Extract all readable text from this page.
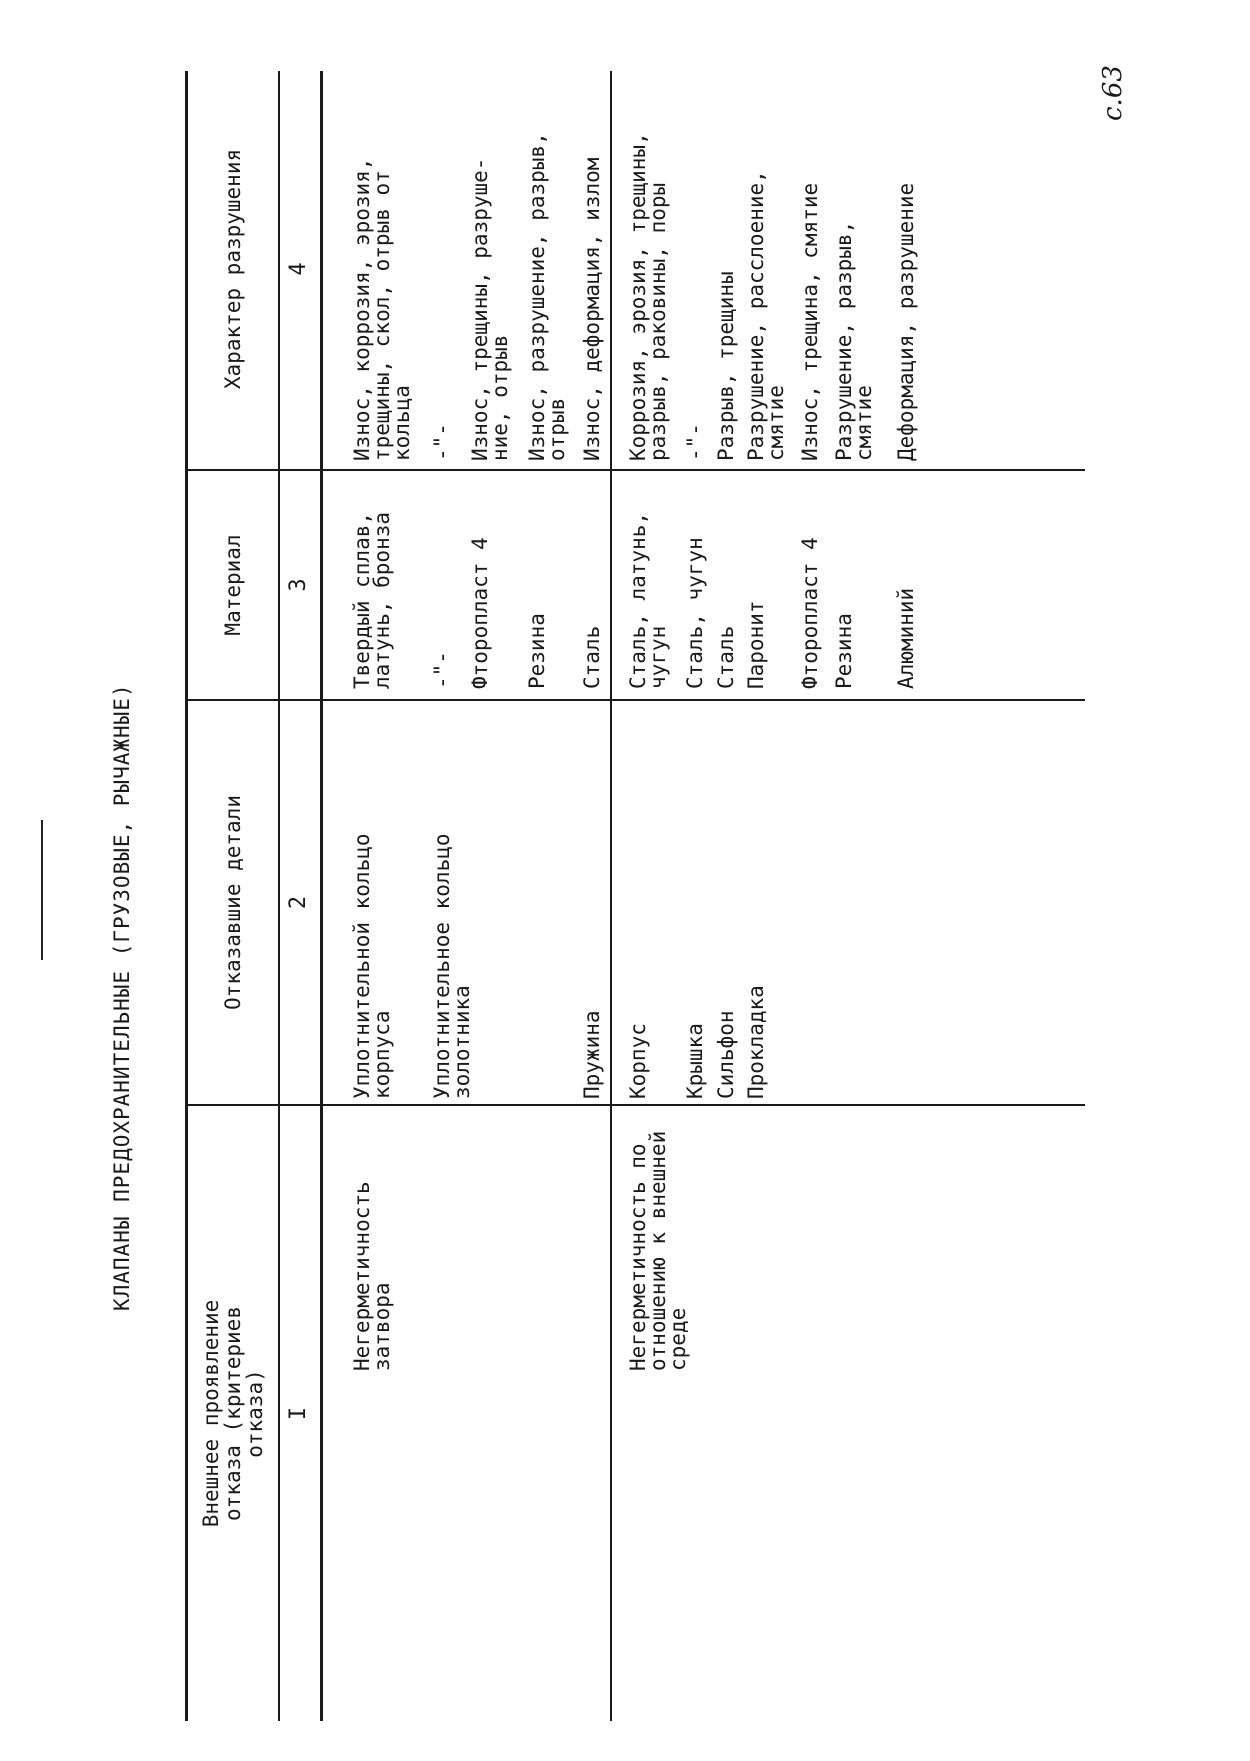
КЛАПАНЫ ПРЕДОХРАНИТЕЛЬНЫЕ (ГРУЗОВЫЕ, РЫЧАЖНЫЕ)
с.63
Внешнее проявление
отказа (критериев
отказа)
Отказавшие детали
Материал
Характер разрушения
I
2
3
4
Негерметичность
затвора
Уплотнительной кольцо
корпуса
Твердый сплав,
латунь, бронза
Износ, коррозия, эрозия,
трещины, скол, отрыв от
кольца
Уплотнительное кольцо
золотника
-"-
-"-
Фторопласт 4
Износ, трещины, разруше-
ние, отрыв
Резина
Износ, разрушение, разрыв,
отрыв
Пружина
Сталь
Износ, деформация, излом
Негерметичность по
отношению к внешней
среде
Корпус
Сталь, латунь,
чугун
Коррозия, эрозия, трещины,
разрыв, раковины, поры
Крышка
Сталь, чугун
-"-
Сильфон
Сталь
Разрыв, трещины
Прокладка
Паронит
Разрушение, расслоение,
смятие
Фторопласт 4
Износ, трещина, смятие
Резина
Разрушение, разрыв,
смятие
Алюминий
Деформация, разрушение
